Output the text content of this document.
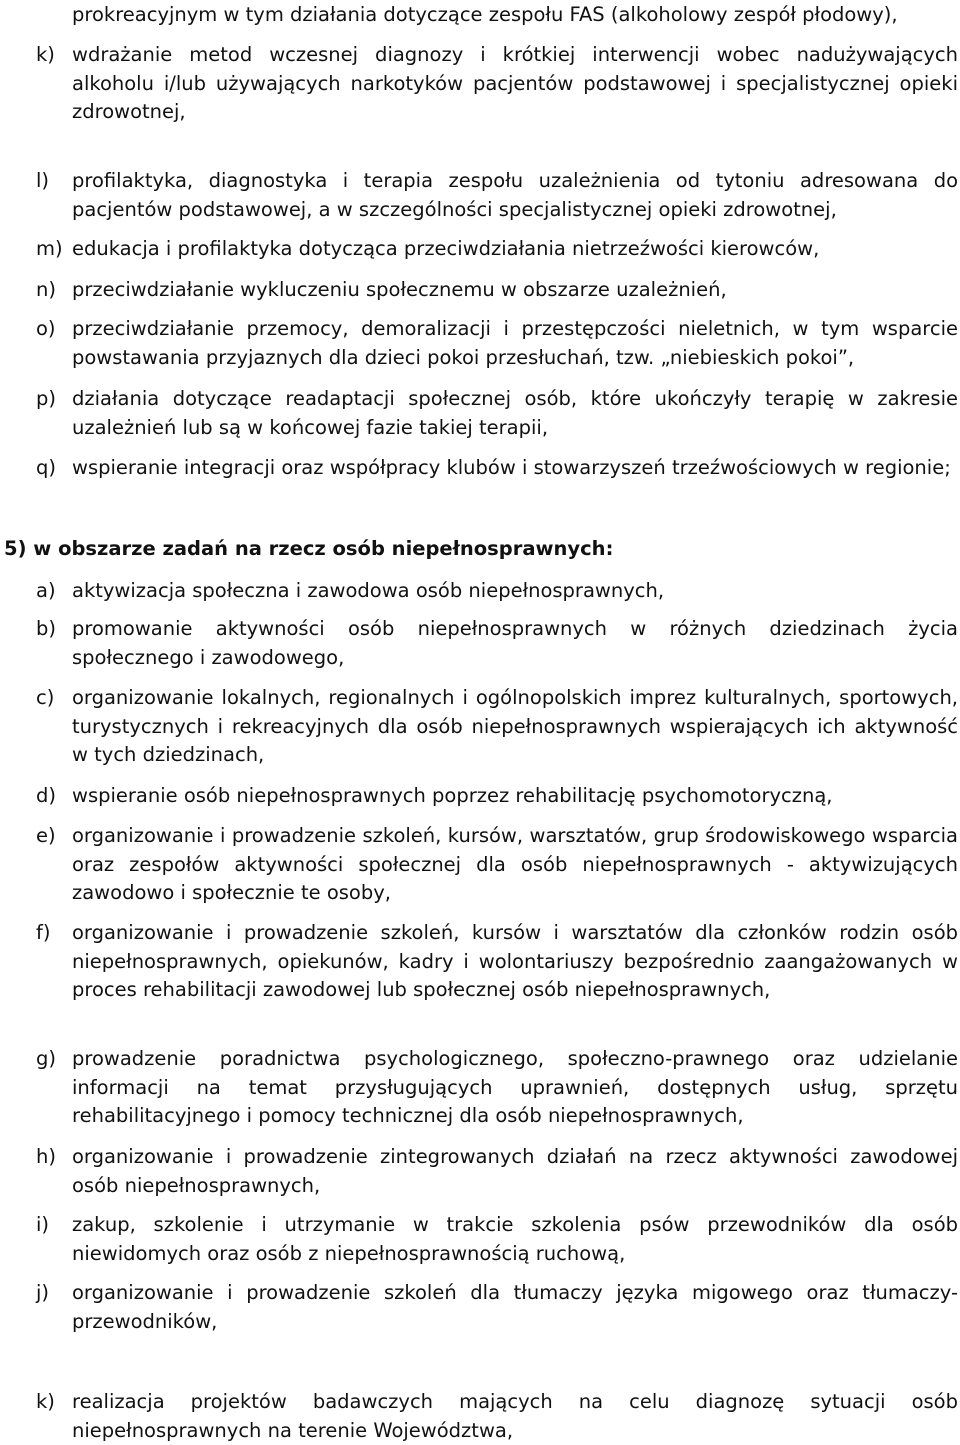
prokreacyjnym w tym działania dotyczące zespołu FAS (alkoholowy zespół płodowy),
k) wdrażanie metod wczesnej diagnozy i krótkiej interwencji wobec nadużywających alkoholu i/lub używających narkotyków pacjentów podstawowej i specjalistycznej opieki zdrowotnej,
l) profilaktyka, diagnostyka i terapia zespołu uzależnienia od tytoniu adresowana do pacjentów podstawowej, a w szczególności specjalistycznej opieki zdrowotnej,
m) edukacja i profilaktyka dotycząca przeciwdziałania nietrzeźwości kierowców,
n) przeciwdziałanie wykluczeniu społecznemu w obszarze uzależnień,
o) przeciwdziałanie przemocy, demoralizacji i przestępczości nieletnich, w tym wsparcie powstawania przyjaznych dla dzieci pokoi przesłuchań, tzw. „niebieskich pokoi”,
p) działania dotyczące readaptacji społecznej osób, które ukończyły terapię w zakresie uzależnień lub są w końcowej fazie takiej terapii,
q) wspieranie integracji oraz współpracy klubów i stowarzyszeń trzeźwościowych w regionie;
5) w obszarze zadań na rzecz osób niepełnosprawnych:
a) aktywizacja społeczna i zawodowa osób niepełnosprawnych,
b) promowanie aktywności osób niepełnosprawnych w różnych dziedzinach życia społecznego i zawodowego,
c) organizowanie lokalnych, regionalnych i ogólnopolskich imprez kulturalnych, sportowych, turystycznych i rekreacyjnych dla osób niepełnosprawnych wspierających ich aktywność w tych dziedzinach,
d) wspieranie osób niepełnosprawnych poprzez rehabilitację psychomotoryczną,
e) organizowanie i prowadzenie szkoleń, kursów, warsztatów, grup środowiskowego wsparcia oraz zespołów aktywności społecznej dla osób niepełnosprawnych - aktywizujących zawodowo i społecznie te osoby,
f) organizowanie i prowadzenie szkoleń, kursów i warsztatów dla członków rodzin osób niepełnosprawnych, opiekunów, kadry i wolontariuszy bezpośrednio zaangażowanych w proces rehabilitacji zawodowej lub społecznej osób niepełnosprawnych,
g) prowadzenie poradnictwa psychologicznego, społeczno-prawnego oraz udzielanie informacji na temat przysługujących uprawnień, dostępnych usług, sprzętu rehabilitacyjnego i pomocy technicznej dla osób niepełnosprawnych,
h) organizowanie i prowadzenie zintegrowanych działań na rzecz aktywności zawodowej osób niepełnosprawnych,
i) zakup, szkolenie i utrzymanie w trakcie szkolenia psów przewodników dla osób niewidomych oraz osób z niepełnosprawnością ruchową,
j) organizowanie i prowadzenie szkoleń dla tłumaczy języka migowego oraz tłumaczy-przewodników,
k) realizacja projektów badawczych mających na celu diagnozę sytuacji osób niepełnosprawnych na terenie Województwa,
